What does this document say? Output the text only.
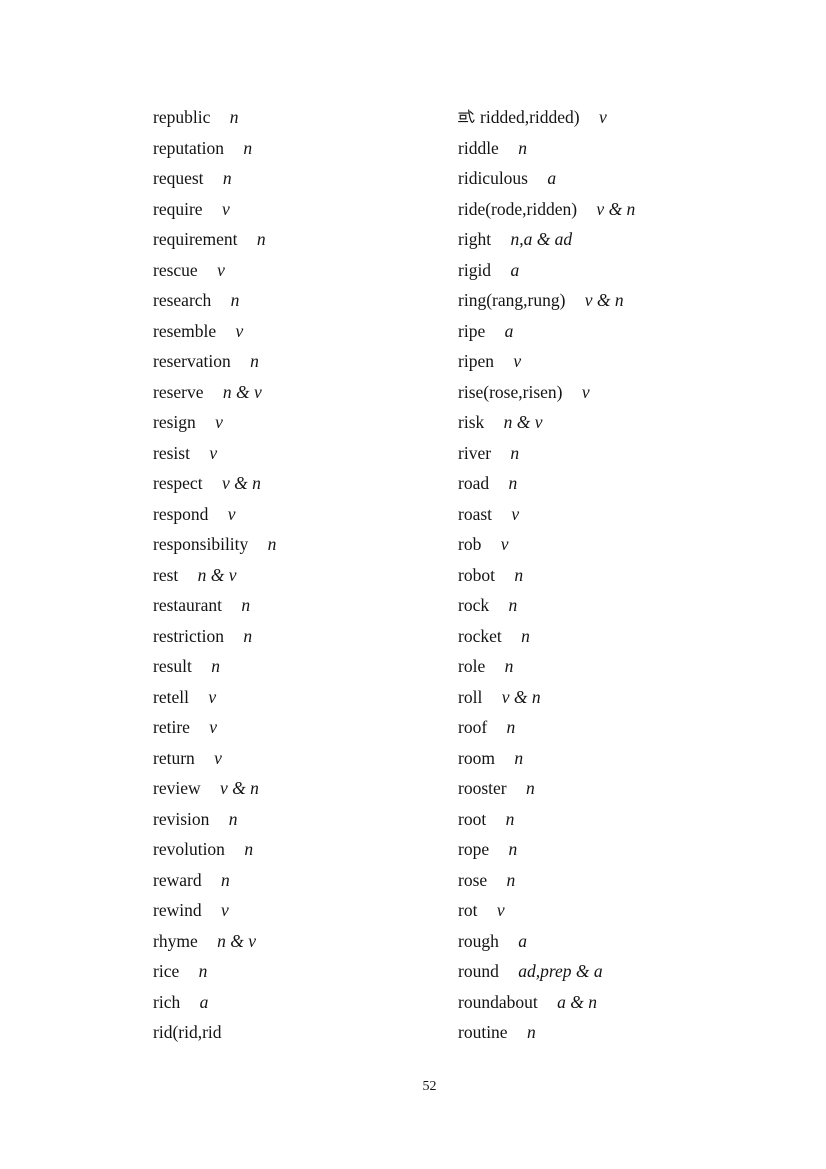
republic n
reputation n
request n
require v
requirement n
rescue v
research n
resemble v
reservation n
reserve n & v
resign v
resist v
respect v & n
respond v
responsibility n
rest n & v
restaurant n
restriction n
result n
retell v
retire v
return v
review v & n
revision n
revolution n
reward n
rewind v
rhyme n & v
rice n
rich a
rid(rid,rid
ridded,ridded) v
riddle n
ridiculous a
ride(rode,ridden) v & n
right n,a & ad
rigid a
ring(rang,rung) v & n
ripe a
ripen v
rise(rose,risen) v
risk n & v
river n
road n
roast v
rob v
robot n
rock n
rocket n
role n
roll v & n
roof n
room n
rooster n
root n
rope n
rose n
rot v
rough a
round ad,prep & a
roundabout a & n
routine n
52
